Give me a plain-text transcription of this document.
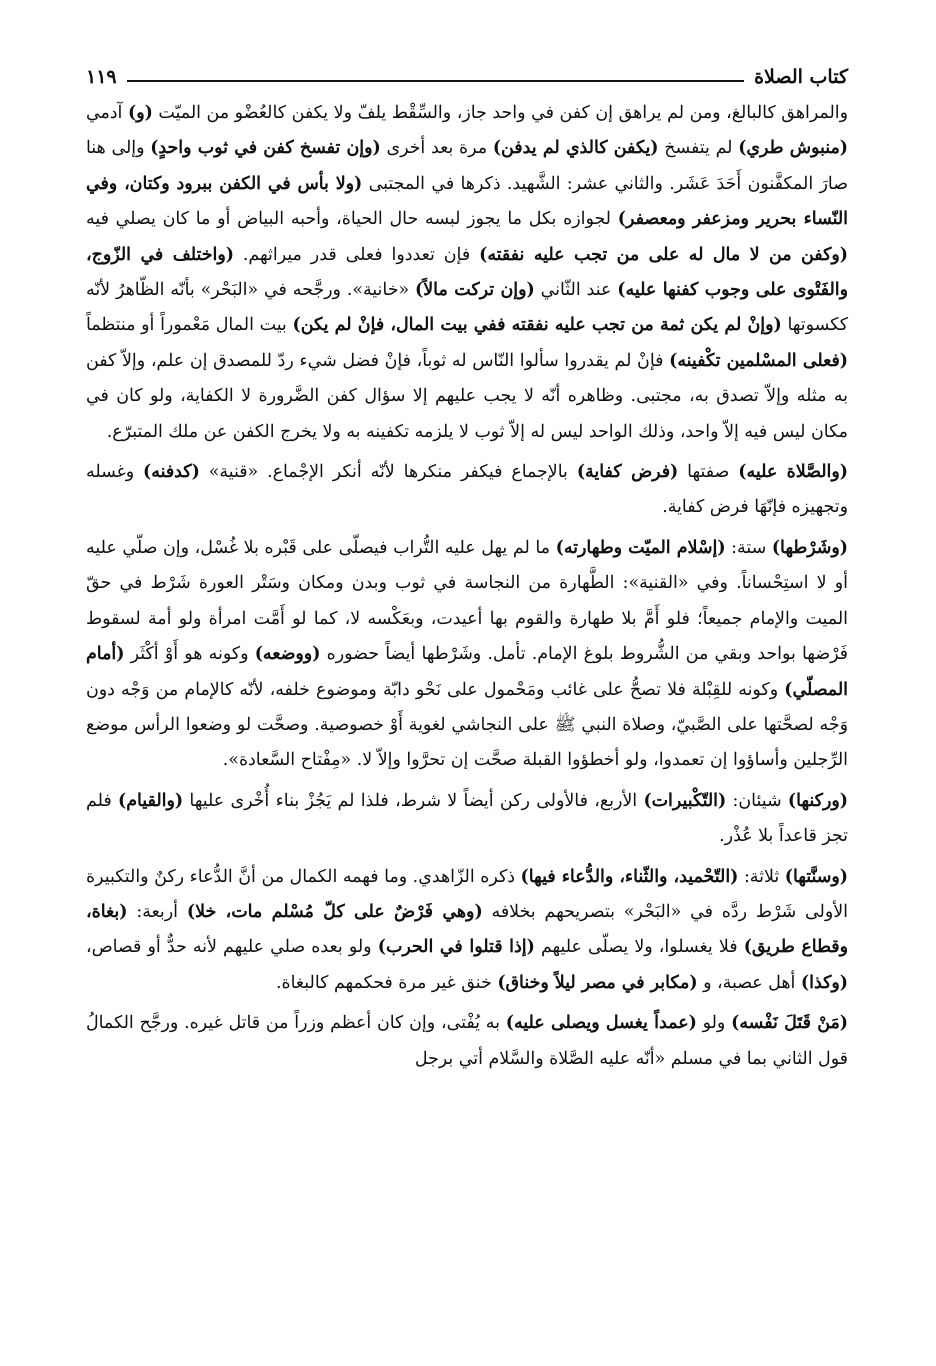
كتاب الصلاة
١١٩

والمراهق كالبالغ، ومن لم يراهق إن كفن في واحد جاز، والسِّقْط يلفّ ولا يكفن كالعُضْو من الميّت (و) آدمي (منبوش طري) لم يتفسخ (يكفن كالذي لم يدفن) مرة بعد أخرى (وإن تفسخ كفن في ثوب واحدٍ) وإلى هنا صارَ المكفَّنون أَحَدَ عَشَر. والثاني عشر: الشَّهيد. ذكرها في المجتبى (ولا بأس في الكفن ببرود وكتان، وفي النّساء بحرير ومزعفر ومعصفر) لجوازه بكل ما يجوز لبسه حال الحياة، وأحبه البياض أو ما كان يصلي فيه (وكفن من لا مال له على من تجب عليه نفقته) فإن تعددوا فعلى قدر ميراثهم. (واختلف في الزّوج، والفَتْوى على وجوب كفنها عليه) عند الثّاني (وإن تركت مالاً) «خانية». ورجَّحه في «البَحْر» بأنّه الظّاهرُ لأنّه ككسوتها (وإنْ لم يكن ثمة من تجب عليه نفقته ففي بيت المال، فإنْ لم يكن) بيت المال مَعْموراً أو منتظماً (فعلى المسْلمين تكْفينه) فإنْ لم يقدروا سألوا النّاس له ثوباً، فإنْ فضل شيء ردّ للمصدق إن علم، وإلاّ كفن به مثله وإلاّ تصدق به، مجتبى. وظاهره أنّه لا يجب عليهم إلا سؤال كفن الضَّرورة لا الكفاية، ولو كان في مكان ليس فيه إلاّ واحد، وذلك الواحد ليس له إلاّ ثوب لا يلزمه تكفينه به ولا يخرج الكفن عن ملك المتبرّع.

(والصَّلاة عليه) صفتها (فرض كفاية) بالإجماع فيكفر منكرها لأنّه أنكر الإجْماع. «قنية» (كدفنه) وغسله وتجهيزه فإنّهَا فرض كفاية.

(وشَرْطها) ستة: (إسْلام الميّت وطهارته) ما لم يهل عليه التُّراب فيصلّى على قَبْره بلا غُسْل، وإن صلّي عليه أو لا استِحْساناً. وفي «القنية»: الطَّهارة من النجاسة في ثوب وبدن ومكان وسَتْر العورة شَرْط في حقّ الميت والإمام جميعاً؛ فلو أَمَّ بلا طهارة والقوم بها أعيدت، وبعَكْسه لا، كما لو أَمَّت امرأة ولو أمة لسقوط فَرْضها بواحد وبقي من الشُّروط بلوغ الإمام. تأمل. وشَرْطها أيضاً حضوره (ووضعه) وكونه هو أَوْ أكْثَر (أمام المصلّي) وكونه للقِبْلة فلا تصحُّ على غائب ومَحْمول على نَحْو دابّة وموضوع خلفه، لأنّه كالإمام من وَجْه دون وَجْه لصحَّتها على الصَّبيّ، وصلاة النبي ﷺ على النجاشي لغوية أَوْ خصوصية. وصحَّت لو وضعوا الرأس موضع الرِّجلين وأساؤوا إن تعمدوا، ولو أخطؤوا القبلة صحَّت إن تحرَّوا وإلاّ لا. «مِفْتاح السَّعادة».

(وركنها) شيئان: (التّكْبيرات) الأربع، فالأولى ركن أيضاً لا شرط، فلذا لم يَجُزْ بناء أُخْرى عليها (والقيام) فلم تجز قاعداً بلا عُذْر.

(وسنَّتها) ثلاثة: (التّحْميد، والثّناء، والدُّعاء فيها) ذكره الزّاهدي. وما فهمه الكمال من أنَّ الدُّعاء ركنٌ والتكبيرة الأولى شَرْط ردَّه في «البَحْر» بتصريحهم بخلافه (وهي فَرْضٌ على كلّ مُسْلم مات، خلا) أربعة: (بغاة، وقطاع طريق) فلا يغسلوا، ولا يصلّى عليهم (إذا قتلوا في الحرب) ولو بعده صلي عليهم لأنه حدٌّ أو قصاص، (وكذا) أهل عصبة، و (مكابر في مصر ليلاً وخناق) خنق غير مرة فحكمهم كالبغاة.

(مَنْ قَتَلَ نَفْسه) ولو (عمداً يغسل ويصلى عليه) به يُفْتى، وإن كان أعظم وزراً من قاتل غيره. ورجَّح الكمالُ قول الثاني بما في مسلم «أنّه عليه الصَّلاة والسَّلام أتي برجل
